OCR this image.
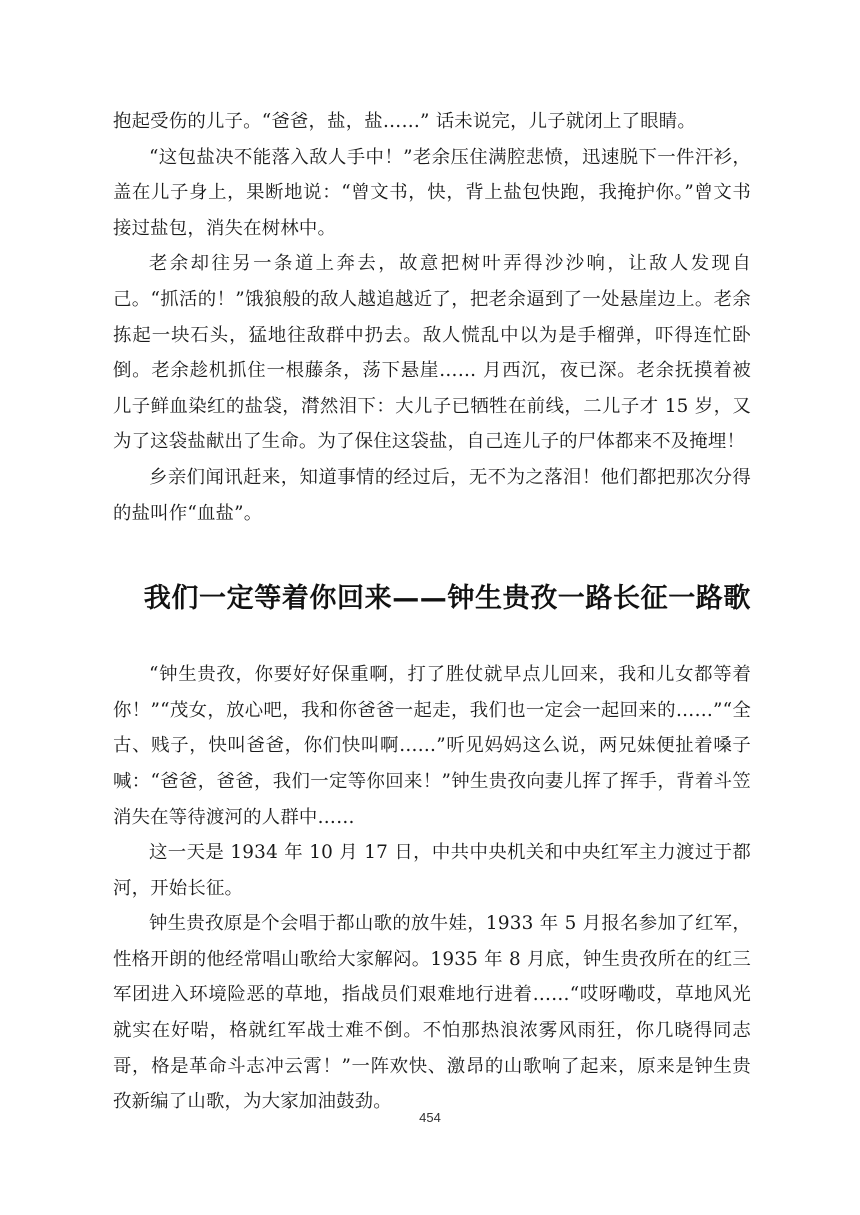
抱起受伤的儿子。“爸爸，盐，盐……” 话未说完，儿子就闭上了眼睛。

“这包盐决不能落入敌人手中！”老余压住满腔悲愤，迅速脱下一件汗衫，盖在儿子身上，果断地说：“曾文书，快，背上盐包快跑，我掩护你。”曾文书接过盐包，消失在树林中。

老余却往另一条道上奔去，故意把树叶弄得沙沙响，让敌人发现自己。“抓活的！”饿狼般的敌人越追越近了，把老余逼到了一处悬崖边上。老余拣起一块石头，猛地往敌群中扔去。敌人慌乱中以为是手榴弹，吓得连忙卧倒。老余趁机抓住一根藤条，荡下悬崖…… 月西沉，夜已深。老余抚摸着被儿子鲜血染红的盐袋，潸然泪下：大儿子已牺牲在前线，二儿子才 15 岁，又为了这袋盐献出了生命。为了保住这袋盐，自己连儿子的尸体都来不及掩埋！

乡亲们闻讯赶来，知道事情的经过后，无不为之落泪！他们都把那次分得的盐叫作“血盐”。

我们一定等着你回来——钟生贵孜一路长征一路歌

“钟生贵孜，你要好好保重啊，打了胜仗就早点儿回来，我和儿女都等着你！”“茂女，放心吧，我和你爸爸一起走，我们也一定会一起回来的……”“全古、贱子，快叫爸爸，你们快叫啊……”听见妈妈这么说，两兄妹便扯着嗓子喊：“爸爸，爸爸，我们一定等你回来！”钟生贵孜向妻儿挥了挥手，背着斗笠消失在等待渡河的人群中……

这一天是 1934 年 10 月 17 日，中共中央机关和中央红军主力渡过于都河，开始长征。

钟生贵孜原是个会唱于都山歌的放牛娃，1933 年 5 月报名参加了红军，性格开朗的他经常唱山歌给大家解闷。1935 年 8 月底，钟生贵孜所在的红三军团进入环境险恶的草地，指战员们艰难地行进着……“哎呀嘞哎，草地风光就实在好啱，格就红军战士难不倒。不怕那热浪浓雾风雨狂，你几晓得同志哥，格是革命斗志冲云霄！”一阵欢快、激昂的山歌响了起来，原来是钟生贵孜新编了山歌，为大家加油鼓劲。

454
